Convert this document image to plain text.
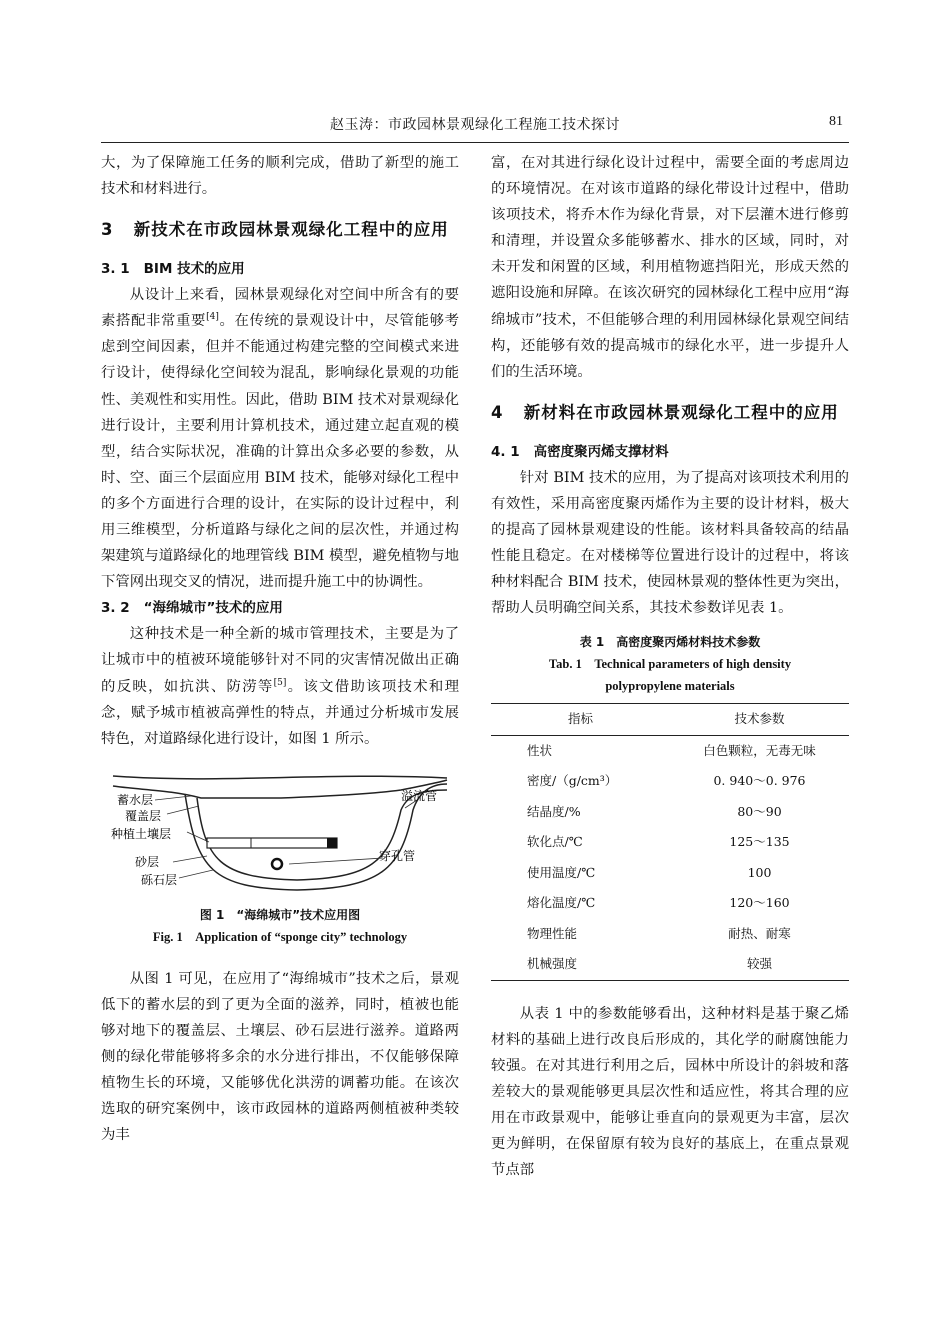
赵玉涛：市政园林景观绿化工程施工技术探讨	81

大，为了保障施工任务的顺利完成，借助了新型的施工技术和材料进行。

3 新技术在市政园林景观绿化工程中的应用
3. 1 BIM 技术的应用

从设计上来看，园林景观绿化对空间中所含有的要素搭配非常重要[4]。在传统的景观设计中，尽管能够考虑到空间因素，但并不能通过构建完整的空间模式来进行设计，使得绿化空间较为混乱，影响绿化景观的功能性、美观性和实用性。因此，借助 BIM 技术对景观绿化进行设计，主要利用计算机技术，通过建立起直观的模型，结合实际状况，准确的计算出众多必要的参数，从时、空、面三个层面应用 BIM 技术，能够对绿化工程中的多个方面进行合理的设计，在实际的设计过程中，利用三维模型，分析道路与绿化之间的层次性，并通过构架建筑与道路绿化的地理管线 BIM 模型，避免植物与地下管网出现交叉的情况，进而提升施工中的协调性。

3. 2 “海绵城市”技术的应用

这种技术是一种全新的城市管理技术，主要是为了让城市中的植被环境能够针对不同的灾害情况做出正确的反映，如抗洪、防涝等[5]。该文借助该项技术和理念，赋予城市植被高弹性的特点，并通过分析城市发展特色，对道路绿化进行设计，如图 1 所示。

蓄水层
覆盖层
种植土壤层
砂层
砾石层
溢流管
穿孔管
图 1　“海绵城市”技术应用图
Fig. 1　Application of “sponge city” technology

从图 1 可见，在应用了“海绵城市”技术之后，景观低下的蓄水层的到了更为全面的滋养，同时，植被也能够对地下的覆盖层、土壤层、砂石层进行滋养。道路两侧的绿化带能够将多余的水分进行排出，不仅能够保障植物生长的环境，又能够优化洪涝的调蓄功能。在该次选取的研究案例中，该市政园林的道路两侧植被种类较为丰

富，在对其进行绿化设计过程中，需要全面的考虑周边的环境情况。在对该市道路的绿化带设计过程中，借助该项技术，将乔木作为绿化背景，对下层灌木进行修剪和清理，并设置众多能够蓄水、排水的区域，同时，对未开发和闲置的区域，利用植物遮挡阳光，形成天然的遮阳设施和屏障。在该次研究的园林绿化工程中应用“海绵城市”技术，不但能够合理的利用园林绿化景观空间结构，还能够有效的提高城市的绿化水平，进一步提升人们的生活环境。

4 新材料在市政园林景观绿化工程中的应用
4. 1 高密度聚丙烯支撑材料

针对 BIM 技术的应用，为了提高对该项技术利用的有效性，采用高密度聚丙烯作为主要的设计材料，极大的提高了园林景观建设的性能。该材料具备较高的结晶性能且稳定。在对楼梯等位置进行设计的过程中，将该种材料配合 BIM 技术，使园林景观的整体性更为突出，帮助人员明确空间关系，其技术参数详见表 1。

表 1　高密度聚丙烯材料技术参数
Tab. 1　Technical parameters of high density
polypropylene materials
指标	技术参数
性状	白色颗粒，无毒无味
密度/（g/cm³）	0. 940～0. 976
结晶度/%	80～90
软化点/℃	125～135
使用温度/℃	100
熔化温度/℃	120～160
物理性能	耐热、耐寒
机械强度	较强

从表 1 中的参数能够看出，这种材料是基于聚乙烯材料的基础上进行改良后形成的，其化学的耐腐蚀能力较强。在对其进行利用之后，园林中所设计的斜坡和落差较大的景观能够更具层次性和适应性，将其合理的应用在市政景观中，能够让垂直向的景观更为丰富，层次更为鲜明，在保留原有较为良好的基底上，在重点景观节点部
